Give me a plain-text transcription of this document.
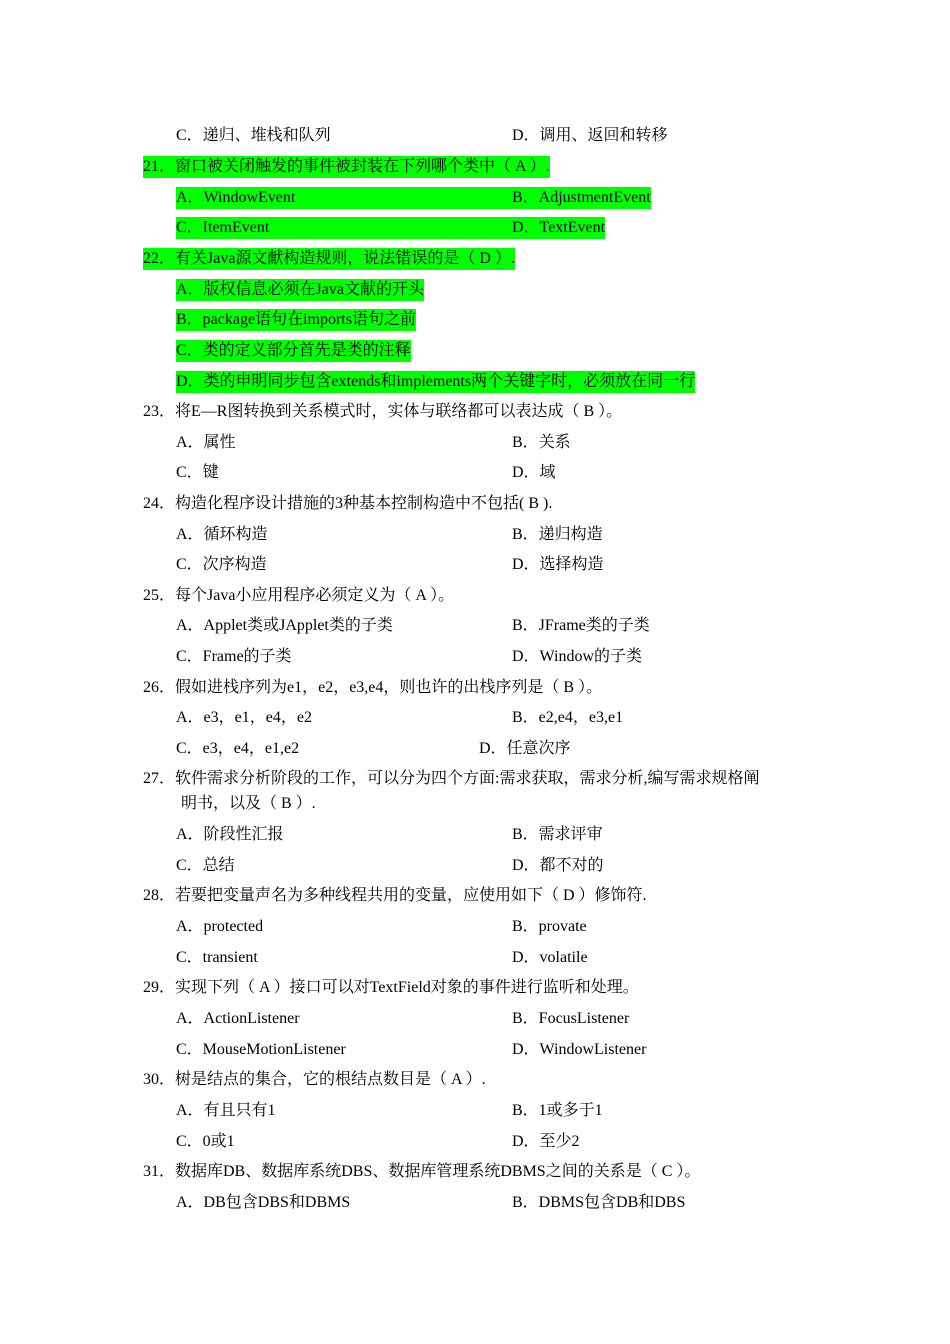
C．递归、堆栈和队列	D．调用、返回和转移
21．窗口被关闭触发的事件被封装在下列哪个类中（ A ）.
A．WindowEvent	B．AdjustmentEvent
C．ItemEvent	D．TextEvent
22．有关Java源文献构造规则，说法错误的是（ D ）.
A．版权信息必须在Java文献的开头
B．package语句在imports语句之前
C．类的定义部分首先是类的注释
D．类的申明同步包含extends和implements两个关键字时，必须放在同一行
23．将E—R图转换到关系模式时，实体与联络都可以表达成（ B ）。
A．属性	B．关系
C．键	D．域
24．构造化程序设计措施的3种基本控制构造中不包括( B ).
A．循环构造	B．递归构造
C．次序构造	D．选择构造
25．每个Java小应用程序必须定义为（ A ）。
A．Applet类或JApplet类的子类	B．JFrame类的子类
C．Frame的子类	D．Window的子类
26．假如进栈序列为e1，e2，e3,e4，则也许的出栈序列是（ B ）。
A．e3，e1，e4，e2	B．e2,e4，e3,e1
C．e3，e4，e1,e2	D．任意次序
27．软件需求分析阶段的工作，可以分为四个方面:需求获取，需求分析,编写需求规格阐
明书，以及（ B ）.
A．阶段性汇报	B．需求评审
C．总结	D．都不对的
28．若要把变量声名为多种线程共用的变量，应使用如下（ D ）修饰符.
A．protected	B．provate
C．transient	D．volatile
29．实现下列（ A ）接口可以对TextField对象的事件进行监听和处理。
A．ActionListener	B．FocusListener
C．MouseMotionListener	D．WindowListener
30．树是结点的集合，它的根结点数目是（ A ）.
A．有且只有1	B．1或多于1
C．0或1	D．至少2
31．数据库DB、数据库系统DBS、数据库管理系统DBMS之间的关系是（ C ）。
A．DB包含DBS和DBMS	B．DBMS包含DB和DBS
